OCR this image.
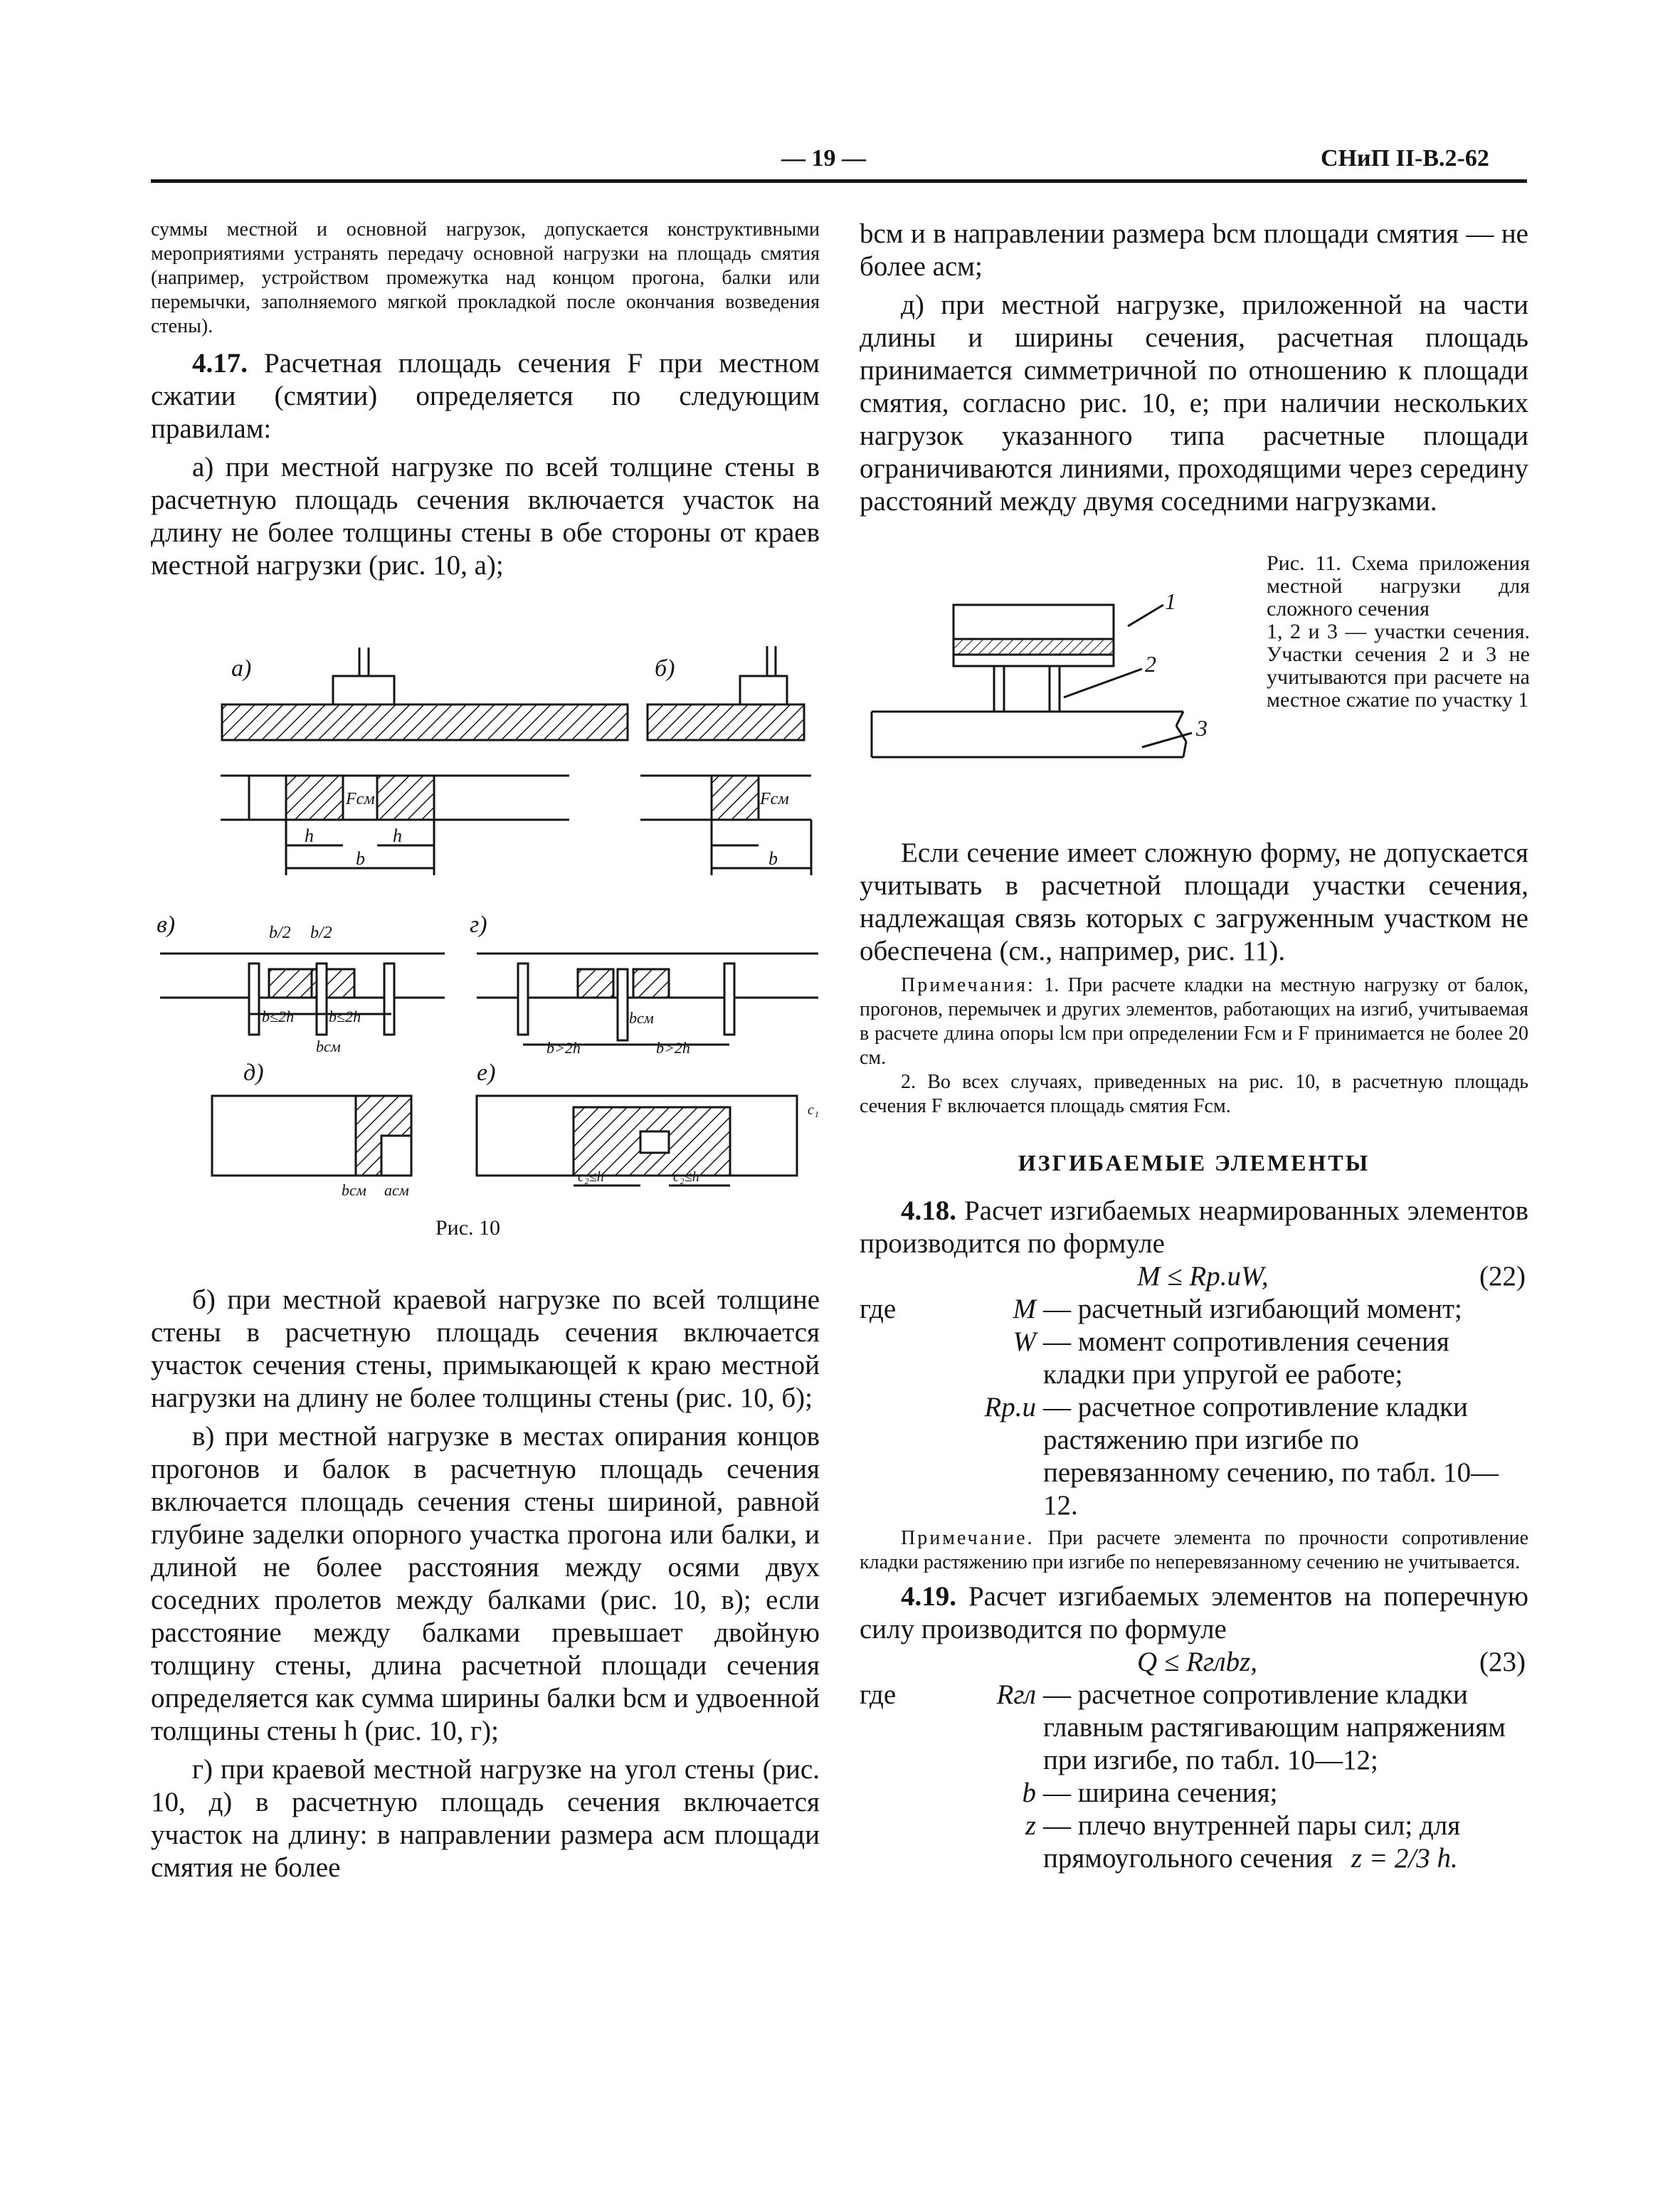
— 19 —	СНиП II-В.2-62

суммы местной и основной нагрузок, допускается конструктивными мероприятиями устранять передачу основной нагрузки на площадь смятия (например, устройством промежутка над концом прогона, балки или перемычки, заполняемого мягкой прокладкой после окончания возведения стены).

4.17. Расчетная площадь сечения F при местном сжатии (смятии) определяется по следующим правилам:

а) при местной нагрузке по всей толщине стены в расчетную площадь сечения включается участок на длину не более толщины стены в обе стороны от краев местной нагрузки (рис. 10, а);

а)
h	h
b
Fсм
б)
Fсм
b
в)	b/2 b/2
b≤2h b≤2h
bсм
г)
b>2h	b>2h
bсм
д)
bсм aсм
е)
c₂≤h	c₂≤h
c₁
Рис. 10

б) при местной краевой нагрузке по всей толщине стены в расчетную площадь сечения включается участок сечения стены, примыкающей к краю местной нагрузки на длину не более толщины стены (рис. 10, б);

в) при местной нагрузке в местах опирания концов прогонов и балок в расчетную площадь сечения включается площадь сечения стены шириной, равной глубине заделки опорного участка прогона или балки, и длиной не более расстояния между осями двух соседних пролетов между балками (рис. 10, в); если расстояние между балками превышает двойную толщину стены, длина расчетной площади сечения определяется как сумма ширины балки bсм и удвоенной толщины стены h (рис. 10, г);

г) при краевой местной нагрузке на угол стены (рис. 10, д) в расчетную площадь сечения включается участок на длину: в направлении размера aсм площади смятия не более

bсм и в направлении размера bсм площади смятия — не более aсм;

д) при местной нагрузке, приложенной на части длины и ширины сечения, расчетная площадь принимается симметричной по отношению к площади смятия, согласно рис. 10, е; при наличии нескольких нагрузок указанного типа расчетные площади ограничиваются линиями, проходящими через середину расстояний между двумя соседними нагрузками.

1
2
3

Рис. 11. Схема приложения местной нагрузки для сложного сечения

1, 2 и 3 — участки сечения. Участки сечения 2 и 3 не учитываются при расчете на местное сжатие по участку 1

Если сечение имеет сложную форму, не допускается учитывать в расчетной площади участки сечения, надлежащая связь которых с загруженным участком не обеспечена (см., например, рис. 11).

Примечания: 1. При расчете кладки на местную нагрузку от балок, прогонов, перемычек и других элементов, работающих на изгиб, учитываемая в расчете длина опоры lсм при определении Fсм и F принимается не более 20 см.

2. Во всех случаях, приведенных на рис. 10, в расчетную площадь сечения F включается площадь смятия Fсм.

ИЗГИБАЕМЫЕ ЭЛЕМЕНТЫ

4.18. Расчет изгибаемых неармированных элементов производится по формуле

M ≤ Rр.иW,	(22)
где	M — расчетный изгибающий момент;
W — момент сопротивления сечения кладки при упругой ее работе;
Rр.и — расчетное сопротивление кладки растяжению при изгибе по перевязанному сечению, по табл. 10—12.

Примечание. При расчете элемента по прочности сопротивление кладки растяжению при изгибе по неперевязанному сечению не учитывается.

4.19. Расчет изгибаемых элементов на поперечную силу производится по формуле

Q ≤ Rглbz,	(23)
где	Rгл — расчетное сопротивление кладки главным растягивающим напряжениям при изгибе, по табл. 10—12;
b — ширина сечения;
z — плечо внутренней пары сил; для
прямоугольного сечения z = 2/3 h.
